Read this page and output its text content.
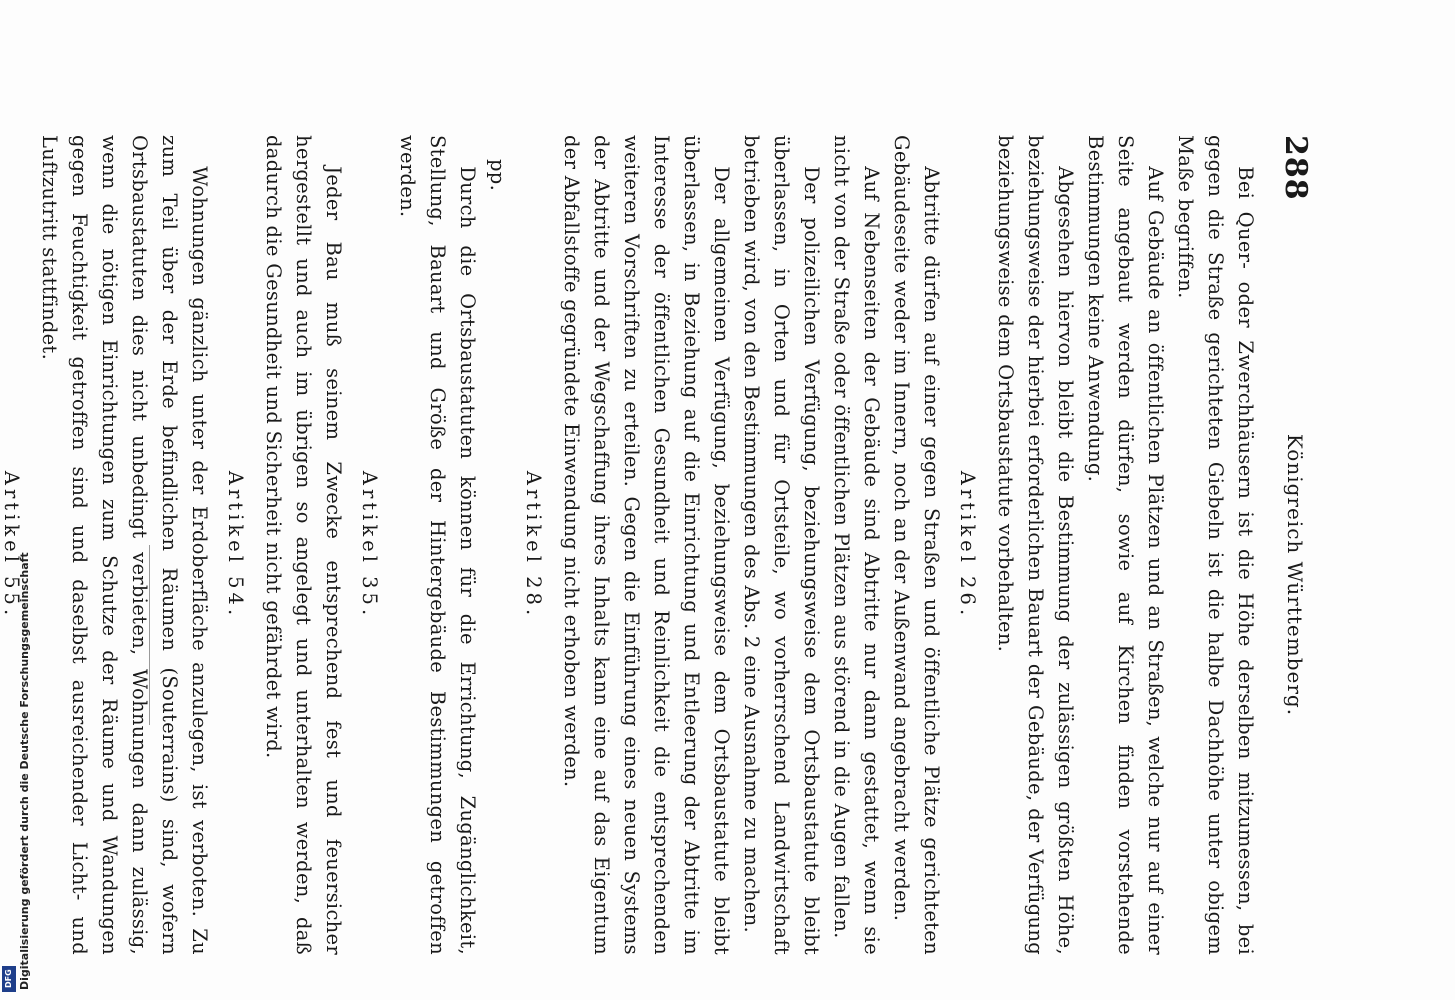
288
Königreich Württemberg.

Bei Quer- oder Zwerchhäusern ist die Höhe derselben mitzumessen, bei gegen die Straße gerichteten Giebeln ist die halbe Dachhöhe unter obigem Maße begriffen.

Auf Gebäude an öffentlichen Plätzen und an Straßen, welche nur auf einer Seite angebaut werden dürfen, sowie auf Kirchen finden vorstehende Bestimmungen keine Anwendung.

Abgesehen hiervon bleibt die Bestimmung der zulässigen größten Höhe, beziehungsweise der hierbei erforderlichen Bauart der Gebäude, der Verfügung beziehungsweise dem Ortsbaustatute vorbehalten.

Artikel 26.

Abtritte dürfen auf einer gegen Straßen und öffentliche Plätze gerichteten Gebäudeseite weder im Innern, noch an der Außenwand angebracht werden.

Auf Nebenseiten der Gebäude sind Abtritte nur dann gestattet, wenn sie nicht von der Straße oder öffentlichen Plätzen aus störend in die Augen fallen.

Der polizeilichen Verfügung, beziehungsweise dem Ortsbaustatute bleibt überlassen, in Orten und für Ortsteile, wo vorherrschend Landwirtschaft betrieben wird, von den Bestimmungen des Abs. 2 eine Ausnahme zu machen.

Der allgemeinen Verfügung, beziehungsweise dem Ortsbaustatute bleibt überlassen, in Beziehung auf die Einrichtung und Entleerung der Abtritte im Interesse der öffentlichen Gesundheit und Reinlichkeit die entsprechenden weiteren Vorschriften zu erteilen. Gegen die Einführung eines neuen Systems der Abtritte und der Wegschaffung ihres Inhalts kann eine auf das Eigentum der Abfallstoffe gegründete Einwendung nicht erhoben werden.

Artikel 28.
pp.

Durch die Ortsbaustatuten können für die Errichtung, Zugänglichkeit, Stellung, Bauart und Größe der Hintergebäude Bestimmungen getroffen werden.

Artikel 35.

Jeder Bau muß seinem Zwecke entsprechend fest und feuersicher hergestellt und auch im übrigen so angelegt und unterhalten werden, daß dadurch die Gesundheit und Sicherheit nicht gefährdet wird.

Artikel 54.

Wohnungen gänzlich unter der Erdoberfläche anzulegen, ist verboten. Zu zum Teil über der Erde befindlichen Räumen (Souterrains) sind, wofern Ortsbaustatuten dies nicht unbedingt verbieten, Wohnungen dann zulässig, wenn die nötigen Einrichtungen zum Schutze der Räume und Wandungen gegen Feuchtigkeit getroffen sind und daselbst ausreichender Licht- und Luftzutritt stattfindet.

Artikel 55.

Digitalisierung gefördert durch die Deutsche Forschungsgemeinschaft
DFG
